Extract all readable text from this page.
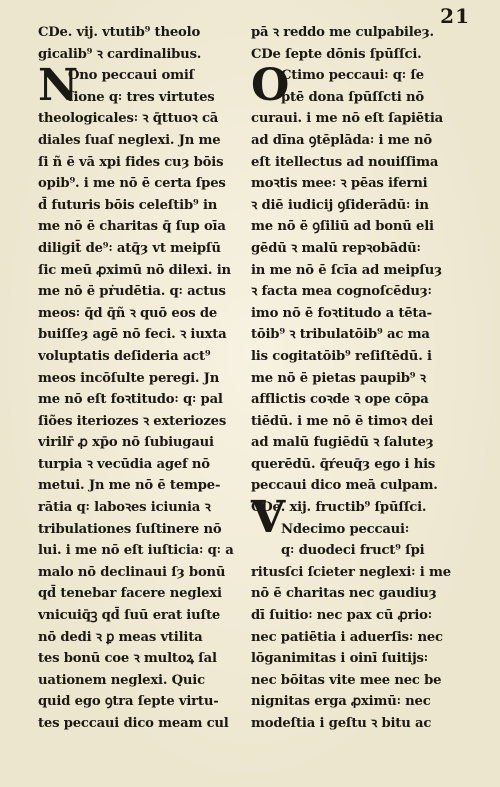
21
N
CDe. vij. vtutib⁹ theolo
gicalib⁹ ꝛ cardinalibus.
Ono peccaui omiſ
ſione q꞉ tres virtutes
theologicales꞉ ꝛ q̄ttuoꝛ cā
diales ſuaſ neglexi. Jn me
ſi ñ ē vā xpi fides cuȝ bōis
opib⁹. i me nō ē certa ſpes
d̄ futuris bōis celeſtib⁹ in
me nō ē charitas q̄ ſup oīa
diligit̄ de⁹꞉ atq̄ȝ vt meipſū
ſic meū ꝓximū nō dilexi. in
me nō ē pṙudētia. q꞉ actus
meos꞉ q̄d q̄ñ ꝛ quō eos de
buiſſeȝ agē nō feci. ꝛ iuxta
voluptatis deſideria act⁹
meos incōſulte peregi. Jn
me nō eſt foꝛtitudo꞉ q꞉ pal
ſiões iteriozes ꝛ exteriozes
virilr̄ ꝓ xp̄o nō ſubiugaui
turpia ꝛ vecūdia agef nō
metui. Jn me nō ē tempe-
rātia q꞉ laboꝛes iciunia ꝛ
tribulationes ſuſtinere nō
lui. i me nō eſt iuſticia꞉ q꞉ a
malo nō declinaui ſȝ bonū
qd̄ tenebar facere neglexi
vnicuiq̄ꝫ qd̄ ſuū erat iuſte
nō dedi ꝛ ꝑ meas vtilita
tes bonū coe ꝛ multoꝝ ſal
uationem neglexi. Quic
quid ego ꝯtra ſepte virtu-
tes peccaui dico meam cul
O
V
pā ꝛ reddo me culpabileȝ.
CDe ſepte dōnis ſpūſſci.
Ctimo peccaui꞉ q꞉ ſe
ptē dona ſpūſſcti nō
curaui. i me nō eſt ſapiētia
ad dīna ꝯtēplāda꞉ i me nō
eſt itellectus ad nouiſſima
moꝛtis mee꞉ ꝛ pēas iferni
ꝛ diē iudicij ꝯſiderādū꞉ in
me nō ē ꝯſiliū ad bonū eli
gēdū ꝛ malū repꝛobādū꞉
in me nō ē ſcīa ad meipſuȝ
ꝛ facta mea cognoſcēduȝ꞉
imo nō ē foꝛtitudo a tēta-
tōib⁹ ꝛ tribulatōib⁹ ac ma
lis cogitatōib⁹ reſiſtēdū. i
me nō ē pietas paupib⁹ ꝛ
afflictis coꝛde ꝛ ope cōpa
tiēdū. i me nō ē timoꝛ dei
ad malū fugiēdū ꝛ ſaluteȝ
querēdū. q̄ŕeuq̄ȝ ego i his
peccaui dico meā culpam.
CDe. xij. fructib⁹ ſpūſſci.
Ndecimo peccaui꞉
q꞉ duodeci fruct⁹ ſpi
ritusſci ſcieter neglexi꞉ i me
nō ē charitas nec gaudiuȝ
dī ſuitio꞉ nec pax cū ꝓrio꞉
nec patiētia i aduerſis꞉ nec
lōganimitas i oinī ſuitijs꞉
nec bōitas vite mee nec be
nignitas erga ꝓximū꞉ nec
modeſtia i geſtu ꝛ bitu ac
